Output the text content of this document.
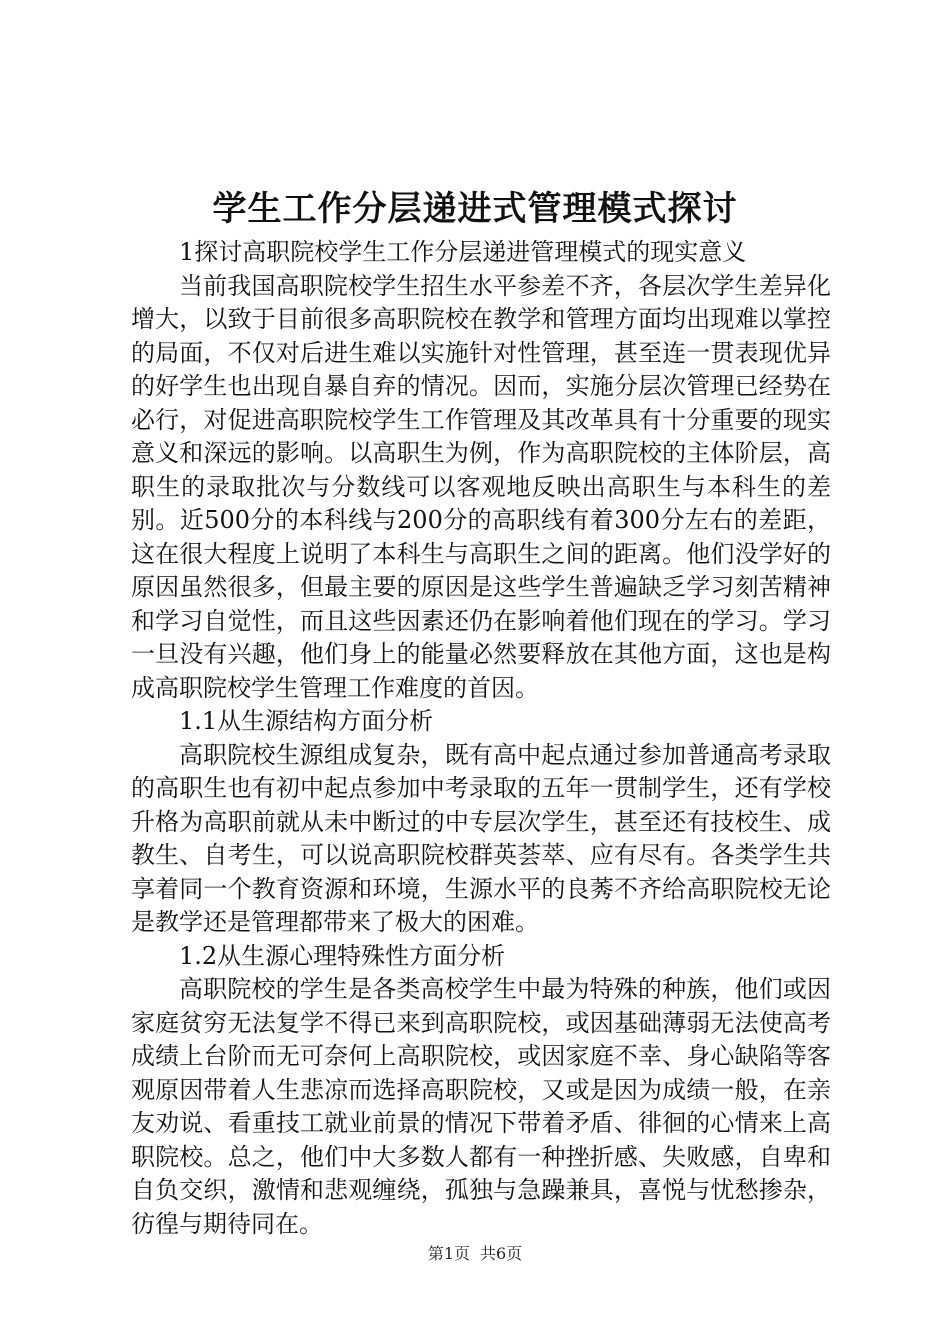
学生工作分层递进式管理模式探讨

1探讨高职院校学生工作分层递进管理模式的现实意义

当前我国高职院校学生招生水平参差不齐，各层次学生差异化增大，以致于目前很多高职院校在教学和管理方面均出现难以掌控的局面，不仅对后进生难以实施针对性管理，甚至连一贯表现优异的好学生也出现自暴自弃的情况。因而，实施分层次管理已经势在必行，对促进高职院校学生工作管理及其改革具有十分重要的现实意义和深远的影响。以高职生为例，作为高职院校的主体阶层，高职生的录取批次与分数线可以客观地反映出高职生与本科生的差别。近500分的本科线与200分的高职线有着300分左右的差距，这在很大程度上说明了本科生与高职生之间的距离。他们没学好的原因虽然很多，但最主要的原因是这些学生普遍缺乏学习刻苦精神和学习自觉性，而且这些因素还仍在影响着他们现在的学习。学习一旦没有兴趣，他们身上的能量必然要释放在其他方面，这也是构成高职院校学生管理工作难度的首因。

1.1从生源结构方面分析

高职院校生源组成复杂，既有高中起点通过参加普通高考录取的高职生也有初中起点参加中考录取的五年一贯制学生，还有学校升格为高职前就从未中断过的中专层次学生，甚至还有技校生、成教生、自考生，可以说高职院校群英荟萃、应有尽有。各类学生共享着同一个教育资源和环境，生源水平的良莠不齐给高职院校无论是教学还是管理都带来了极大的困难。

1.2从生源心理特殊性方面分析

高职院校的学生是各类高校学生中最为特殊的种族，他们或因家庭贫穷无法复学不得已来到高职院校，或因基础薄弱无法使高考成绩上台阶而无可奈何上高职院校，或因家庭不幸、身心缺陷等客观原因带着人生悲凉而选择高职院校，又或是因为成绩一般，在亲友劝说、看重技工就业前景的情况下带着矛盾、徘徊的心情来上高职院校。总之，他们中大多数人都有一种挫折感、失败感，自卑和自负交织，激情和悲观缠绕，孤独与急躁兼具，喜悦与忧愁掺杂，彷徨与期待同在。

第1页 共6页
